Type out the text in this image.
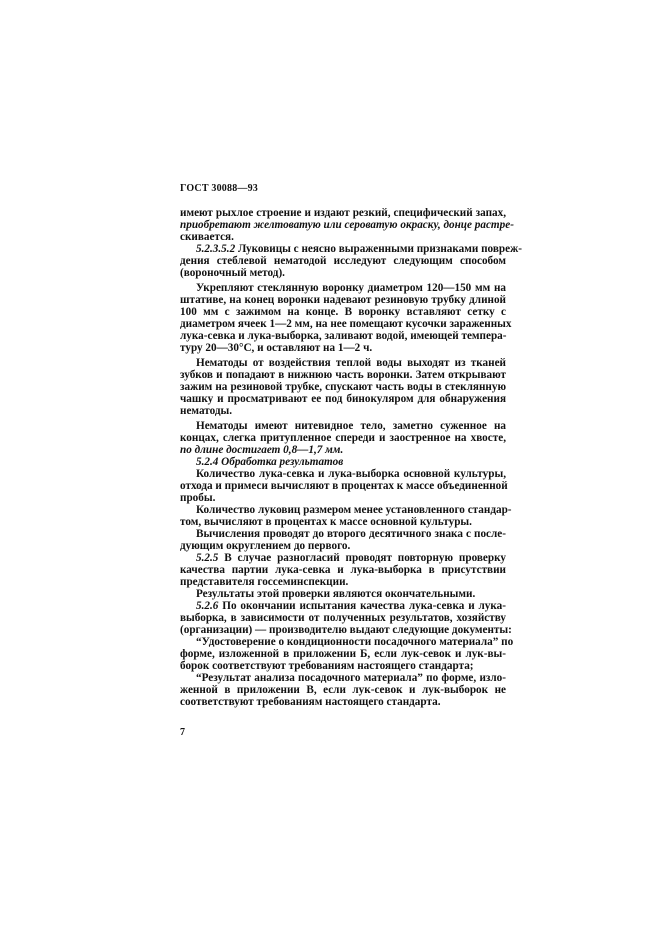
ГОСТ 30088—93
имеют рыхлое строение и издают резкий, специфический запах,
приобретают желтоватую или сероватую окраску, донце растре-
скивается.
5.2.3.5.2 Луковицы с неясно выраженными признаками повреж-
дения стеблевой нематодой исследуют следующим способом
(вороночный метод).
Укрепляют стеклянную воронку диаметром 120—150 мм на
штативе, на конец воронки надевают резиновую трубку длиной
100 мм с зажимом на конце. В воронку вставляют сетку с
диаметром ячеек 1—2 мм, на нее помещают кусочки зараженных
лука-севка и лука-выборка, заливают водой, имеющей темпера-
туру 20—30°С, и оставляют на 1—2 ч.
Нематоды от воздействия теплой воды выходят из тканей
зубков и попадают в нижнюю часть воронки. Затем открывают
зажим на резиновой трубке, спускают часть воды в стеклянную
чашку и просматривают ее под бинокуляром для обнаружения
нематоды.
Нематоды имеют нитевидное тело, заметно суженное на
концах, слегка притупленное спереди и заостренное на хвосте,
по длине достигает 0,8—1,7 мм.
5.2.4 Обработка результатов
Количество лука-севка и лука-выборка основной культуры,
отхода и примеси вычисляют в процентах к массе объединенной
пробы.
Количество луковиц размером менее установленного стандар-
том, вычисляют в процентах к массе основной культуры.
Вычисления проводят до второго десятичного знака с после-
дующим округлением до первого.
5.2.5 В случае разногласий проводят повторную проверку
качества партии лука-севка и лука-выборка в присутствии
представителя госсеминспекции.
Результаты этой проверки являются окончательными.
5.2.6 По окончании испытания качества лука-севка и лука-
выборка, в зависимости от полученных результатов, хозяйству
(организации) — производителю выдают следующие документы:
“Удостоверение о кондиционности посадочного материала” по
форме, изложенной в приложении Б, если лук-севок и лук-вы-
борок соответствуют требованиям настоящего стандарта;
“Результат анализа посадочного материала” по форме, изло-
женной в приложении В, если лук-севок и лук-выборок не
соответствуют требованиям настоящего стандарта.
7
